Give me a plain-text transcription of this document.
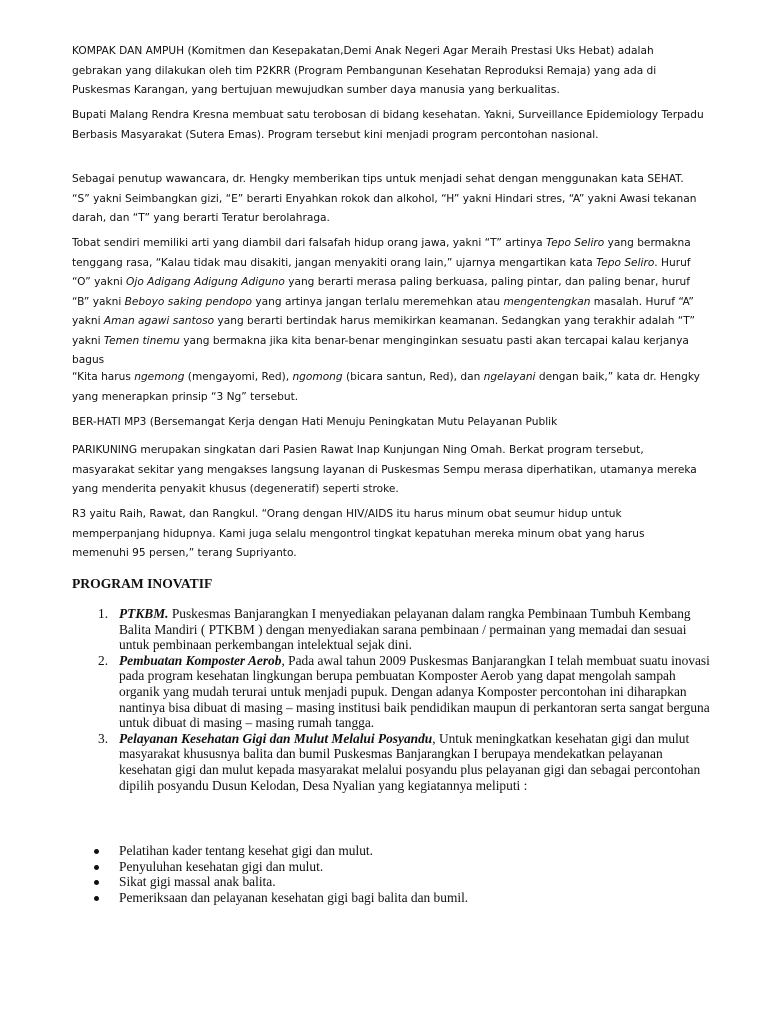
KOMPAK DAN AMPUH (Komitmen dan Kesepakatan,Demi Anak Negeri Agar Meraih Prestasi Uks Hebat) adalah gebrakan yang dilakukan oleh tim P2KRR (Program Pembangunan Kesehatan Reproduksi Remaja) yang ada di Puskesmas Karangan, yang bertujuan mewujudkan sumber daya manusia yang berkualitas.

Bupati Malang Rendra Kresna membuat satu terobosan di bidang kesehatan. Yakni, Surveillance Epidemiology Terpadu Berbasis Masyarakat (Sutera Emas). Program tersebut kini menjadi program percontohan nasional.

Sebagai penutup wawancara, dr. Hengky memberikan tips untuk menjadi sehat dengan menggunakan kata SEHAT. “S” yakni Seimbangkan gizi, “E” berarti Enyahkan rokok dan alkohol, “H” yakni Hindari stres, “A” yakni Awasi tekanan darah, dan “T” yang berarti Teratur berolahraga.

Tobat sendiri memiliki arti yang diambil dari falsafah hidup orang jawa, yakni “T” artinya Tepo Seliro yang bermakna tenggang rasa, “Kalau tidak mau disakiti, jangan menyakiti orang lain,” ujarnya mengartikan kata Tepo Seliro. Huruf “O” yakni Ojo Adigang Adigung Adiguno yang berarti merasa paling berkuasa, paling pintar, dan paling benar, huruf “B” yakni Beboyo saking pendopo yang artinya jangan terlalu meremehkan atau mengentengkan masalah. Huruf “A” yakni Aman agawi santoso yang berarti bertindak harus memikirkan keamanan. Sedangkan yang terakhir adalah “T” yakni Temen tinemu yang bermakna jika kita benar-benar menginginkan sesuatu pasti akan tercapai kalau kerjanya bagus

“Kita harus ngemong (mengayomi, Red), ngomong (bicara santun, Red), dan ngelayani dengan baik,” kata dr. Hengky yang menerapkan prinsip “3 Ng” tersebut.

BER-HATI MP3 (Bersemangat Kerja dengan Hati Menuju Peningkatan Mutu Pelayanan Publik

PARIKUNING merupakan singkatan dari Pasien Rawat Inap Kunjungan Ning Omah. Berkat program tersebut, masyarakat sekitar yang mengakses langsung layanan di Puskesmas Sempu merasa diperhatikan, utamanya mereka yang menderita penyakit khusus (degeneratif) seperti stroke.

R3 yaitu Raih, Rawat, dan Rangkul. “Orang dengan HIV/AIDS itu harus minum obat seumur hidup untuk memperpanjang hidupnya. Kami juga selalu mengontrol tingkat kepatuhan mereka minum obat yang harus memenuhi 95 persen,” terang Supriyanto.

PROGRAM INOVATIF
1. PTKBM. Puskesmas Banjarangkan I menyediakan pelayanan dalam rangka Pembinaan Tumbuh Kembang Balita Mandiri ( PTKBM ) dengan menyediakan sarana pembinaan / permainan yang memadai dan sesuai untuk pembinaan perkembangan intelektual sejak dini.
2. Pembuatan Komposter Aerob, Pada awal tahun 2009 Puskesmas Banjarangkan I telah membuat suatu inovasi pada program kesehatan lingkungan berupa pembuatan Komposter Aerob yang dapat mengolah sampah organik yang mudah terurai untuk menjadi pupuk. Dengan adanya Komposter percontohan ini diharapkan nantinya bisa dibuat di masing – masing institusi baik pendidikan maupun di perkantoran serta sangat berguna untuk dibuat di masing – masing rumah tangga.
3. Pelayanan Kesehatan Gigi dan Mulut Melalui Posyandu, Untuk meningkatkan kesehatan gigi dan mulut masyarakat khususnya balita dan bumil Puskesmas Banjarangkan I berupaya mendekatkan pelayanan kesehatan gigi dan mulut kepada masyarakat melalui posyandu plus pelayanan gigi dan sebagai percontohan dipilih posyandu Dusun Kelodan, Desa Nyalian yang kegiatannya meliputi :
Pelatihan kader tentang kesehat gigi dan mulut.
Penyuluhan kesehatan gigi dan mulut.
Sikat gigi massal anak balita.
Pemeriksaan dan pelayanan kesehatan gigi bagi balita dan bumil.
